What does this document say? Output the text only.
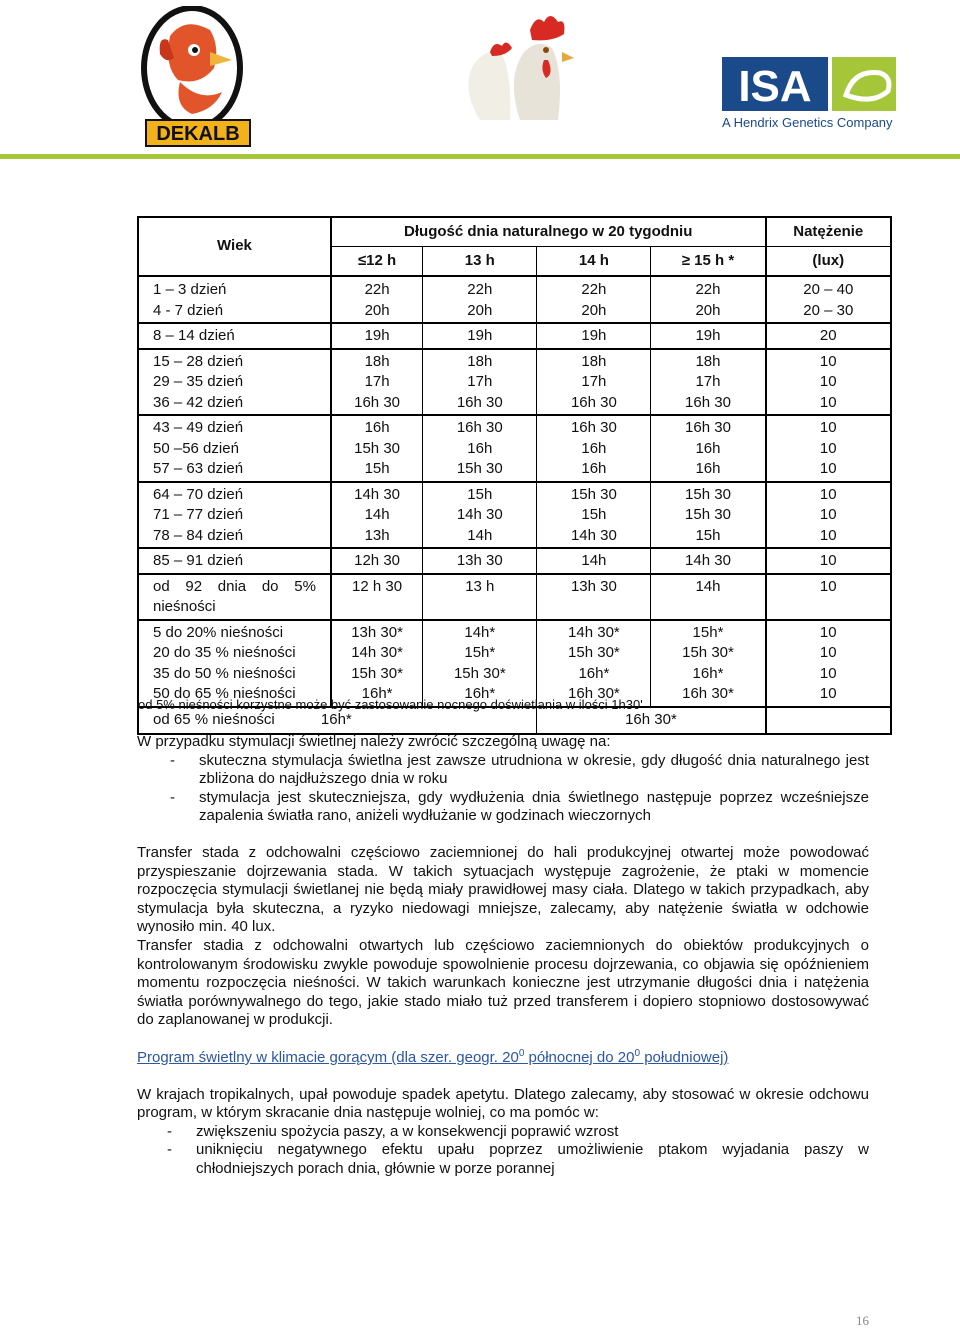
DEKALB
ISA
A Hendrix Genetics Company
Wiek	Długość dnia naturalnego w 20 tygodniu				Natężenie
	≤12 h	13 h	14 h	≥ 15 h *	(lux)
1 – 3 dzień	22h	22h	22h	22h	20 – 40
4 - 7 dzień	20h	20h	20h	20h	20 – 30
8 – 14 dzień	19h	19h	19h	19h	20
15 – 28 dzień	18h	18h	18h	18h	10
29 – 35 dzień	17h	17h	17h	17h	10
36 – 42 dzień	16h 30	16h 30	16h 30	16h 30	10
43 – 49 dzień	16h	16h 30	16h 30	16h 30	10
50 –56 dzień	15h 30	16h	16h	16h	10
57 – 63 dzień	15h	15h 30	16h	16h	10
64 – 70 dzień	14h 30	15h	15h 30	15h 30	10
71 – 77 dzień	14h	14h 30	15h	15h 30	10
78 – 84 dzień	13h	14h	14h 30	15h	10
85 – 91 dzień	12h 30	13h 30	14h	14h 30	10
od 92 dnia do 5% nieśności	12 h 30	13 h	13h 30	14h	10
5 do 20% nieśności	13h 30*	14h*	14h 30*	15h*	10
20 do 35 % nieśności	14h 30*	15h*	15h 30*	15h 30*	10
35 do 50 % nieśności	15h 30*	15h 30*	16h*	16h*	10
50 do 65 % nieśności	16h*	16h*	16h 30*	16h 30*	10
od 65 % nieśności	16h*		16h 30*		
od 5% nieśności korzystne może być zastosowanie nocnego doświetlania w ilości 1h30'

W przypadku stymulacji świetlnej należy zwrócić szczególną uwagę na:

- skuteczna stymulacja świetlna jest zawsze utrudniona w okresie, gdy długość dnia naturalnego jest zbliżona do najdłuższego dnia w roku
- stymulacja jest skuteczniejsza, gdy wydłużenia dnia świetlnego następuje poprzez wcześniejsze zapalenia światła rano, aniżeli wydłużanie w godzinach wieczornych

Transfer stada z odchowalni częściowo zaciemnionej do hali produkcyjnej otwartej może powodować przyspieszanie dojrzewania stada. W takich sytuacjach występuje zagrożenie, że ptaki w momencie rozpoczęcia stymulacji świetlanej nie będą miały prawidłowej masy ciała. Dlatego w takich przypadkach, aby stymulacja była skuteczna, a ryzyko niedowagi mniejsze, zalecamy, aby natężenie światła w odchowie wynosiło min. 40 lux.

Transfer stadia z odchowalni otwartych lub częściowo zaciemnionych do obiektów produkcyjnych o kontrolowanym środowisku zwykle powoduje spowolnienie procesu dojrzewania, co objawia się opóźnieniem momentu rozpoczęcia nieśności. W takich warunkach konieczne jest utrzymanie długości dnia i natężenia światła porównywalnego do tego, jakie stado miało tuż przed transferem i dopiero stopniowo dostosowywać do zaplanowanej w produkcji.

Program świetlny w klimacie gorącym (dla szer. geogr. $20^0$ północnej do $20^0$ południowej)

W krajach tropikalnych, upał powoduje spadek apetytu. Dlatego zalecamy, aby stosować w okresie odchowu program, w którym skracanie dnia następuje wolniej, co ma pomóc w:

- zwiększeniu spożycia paszy, a w konsekwencji poprawić wzrost
- uniknięciu negatywnego efektu upału poprzez umożliwienie ptakom wyjadania paszy w chłodniejszych porach dnia, głównie w porze porannej
16
